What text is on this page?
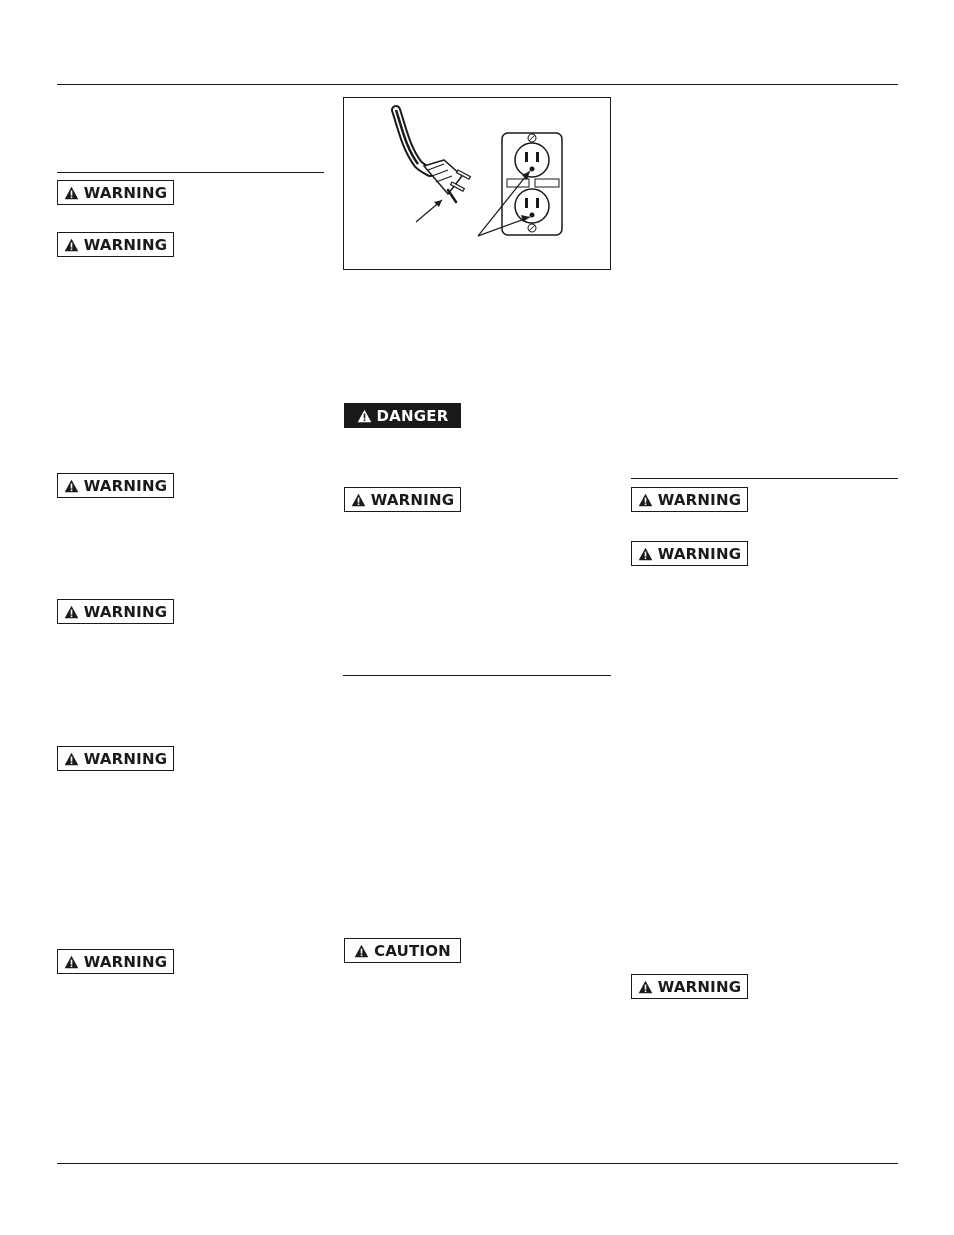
WARNING
WARNING
WARNING
WARNING
WARNING
WARNING
DANGER
WARNING
CAUTION
WARNING
WARNING
WARNING
